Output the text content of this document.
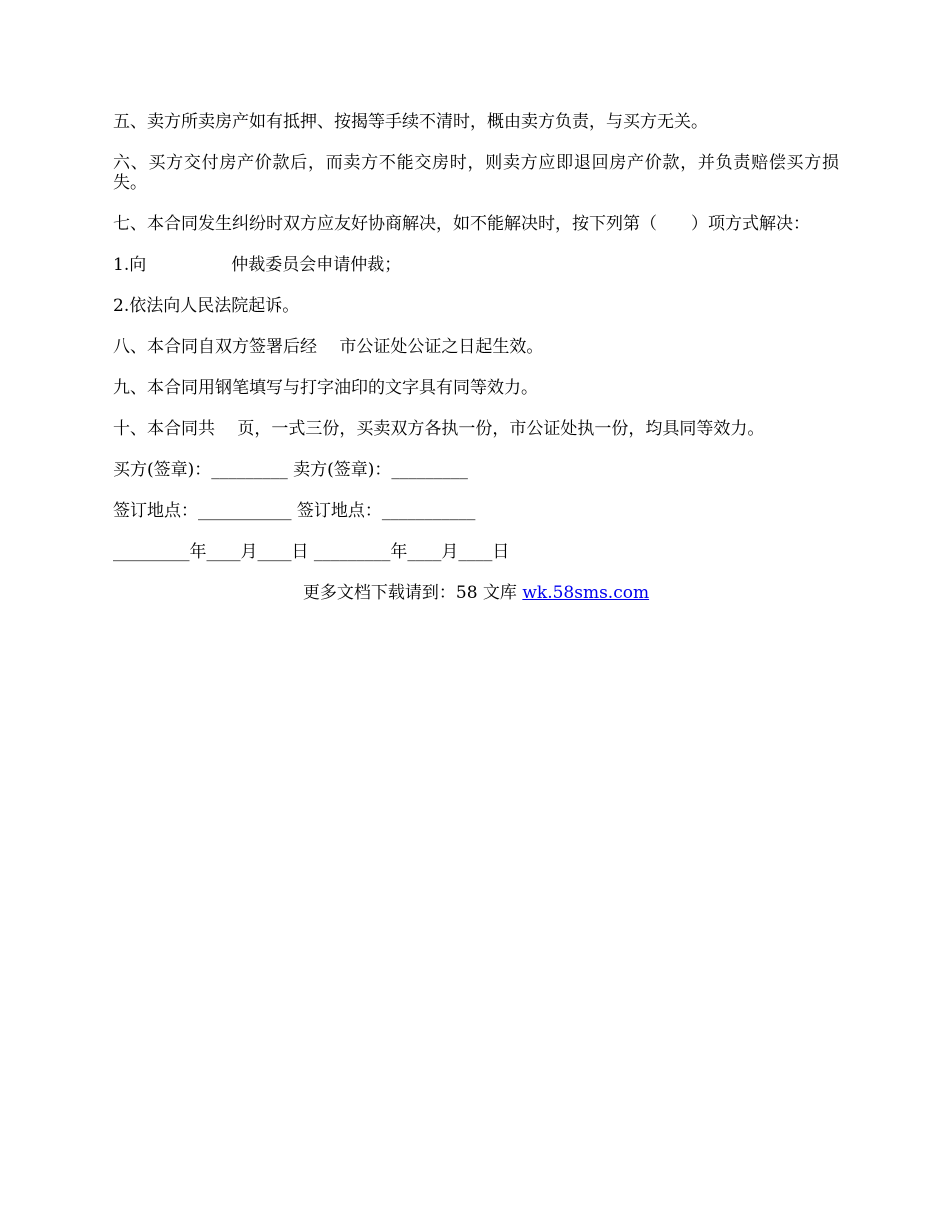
五、卖方所卖房产如有抵押、按揭等手续不清时，概由卖方负责，与买方无关。

六、买方交付房产价款后，而卖方不能交房时，则卖方应即退回房产价款，并负责赔偿买方损失。

七、本合同发生纠纷时双方应友好协商解决，如不能解决时，按下列第（　　）项方式解决：

1.向　　　　　仲裁委员会申请仲裁；

2.依法向人民法院起诉。

八、本合同自双方签署后经　 市公证处公证之日起生效。

九、本合同用钢笔填写与打字油印的文字具有同等效力。

十、本合同共　 页，一式三份，买卖双方各执一份，市公证处执一份，均具同等效力。

买方(签章)：_________ 卖方(签章)：_________

签订地点：___________ 签订地点：___________

_________年____月____日 _________年____月____日

更多文档下载请到：58 文库 wk.58sms.com
